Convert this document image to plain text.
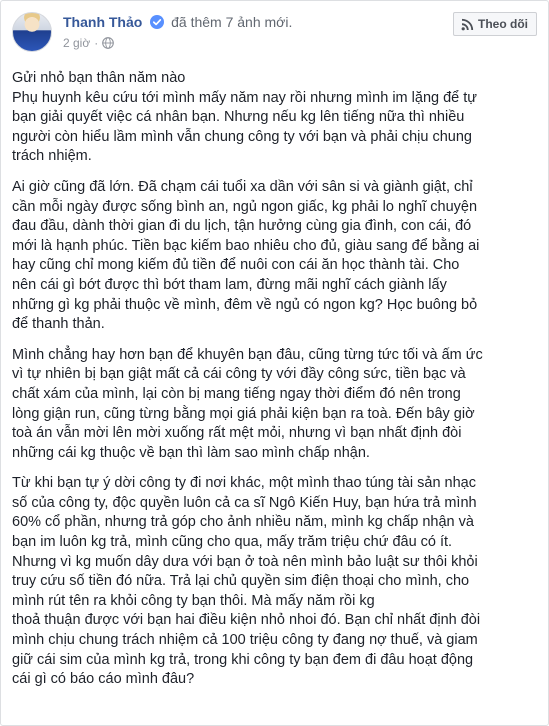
Thanh Thảo đã thêm 7 ảnh mới.
2 giờ ·
Theo dõi

Gửi nhỏ bạn thân năm nào
Phụ huynh kêu cứu tới mình mấy năm nay rồi nhưng mình im lặng để tự
bạn giải quyết việc cá nhân bạn. Nhưng nếu kg lên tiếng nữa thì nhiều
người còn hiểu lầm mình vẫn chung công ty với bạn và phải chịu chung
trách nhiệm.

Ai giờ cũng đã lớn. Đã chạm cái tuổi xa dần với sân si và giành giật, chỉ
cần mỗi ngày được sống bình an, ngủ ngon giấc, kg phải lo nghĩ chuyện
đau đầu, dành thời gian đi du lịch, tận hưởng cùng gia đình, con cái, đó
mới là hạnh phúc. Tiền bạc kiếm bao nhiêu cho đủ, giàu sang để bằng ai
hay cũng chỉ mong kiếm đủ tiền để nuôi con cái ăn học thành tài. Cho
nên cái gì bớt được thì bớt tham lam, đừng mãi nghĩ cách giành lấy
những gì kg phải thuộc về mình, đêm về ngủ có ngon kg? Học buông bỏ
để thanh thản.

Mình chẳng hay hơn bạn để khuyên bạn đâu, cũng từng tức tối và ấm ức
vì tự nhiên bị bạn giật mất cả cái công ty với đầy công sức, tiền bạc và
chất xám của mình, lại còn bị mang tiếng ngay thời điểm đó nên trong
lòng giận run, cũng từng bằng mọi giá phải kiện bạn ra toà. Đến bây giờ
toà án vẫn mời lên mời xuống rất mệt mỏi, nhưng vì bạn nhất định đòi
những cái kg thuộc về bạn thì làm sao mình chấp nhận.

Từ khi bạn tự ý dời công ty đi nơi khác, một mình thao túng tài sản nhạc
số của công ty, độc quyền luôn cả ca sĩ Ngô Kiến Huy, bạn hứa trả mình
60% cổ phần, nhưng trả góp cho ảnh nhiều năm, mình kg chấp nhận và
bạn im luôn kg trả, mình cũng cho qua, mấy trăm triệu chứ đâu có ít.
Nhưng vì kg muốn dây dưa với bạn ở toà nên mình bảo luật sư thôi khỏi
truy cứu số tiền đó nữa. Trả lại chủ quyền sim điện thoại cho mình, cho
mình rút tên ra khỏi công ty bạn thôi. Mà mấy năm rồi kg
thoả thuận được với bạn hai điều kiện nhỏ nhoi đó. Bạn chỉ nhất định đòi
mình chịu chung trách nhiệm cả 100 triệu công ty đang nợ thuế, và giam
giữ cái sim của mình kg trả, trong khi công ty bạn đem đi đâu hoạt động
cái gì có báo cáo mình đâu?
